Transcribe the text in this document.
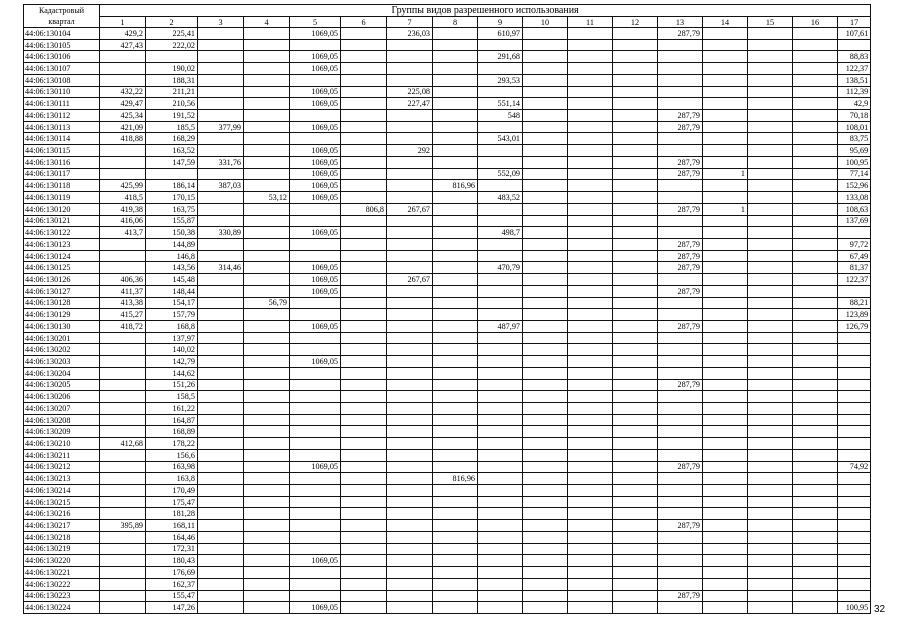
Кадастровый квартал	Группы видов разрешенного использования																
	1	2	3	4	5	6	7	8	9	10	11	12	13	14	15	16	17
44:06:130104	429,2	225,41			1069,05		236,03		610,97				287,79				107,61
44:06:130105	427,43	222,02															
44:06:130106					1069,05				291,68								88,83
44:06:130107		190,02			1069,05												122,37
44:06:130108		188,31							293,53								138,51
44:06:130110	432,22	211,21			1069,05		225,08										112,39
44:06:130111	429,47	210,56			1069,05		227,47		551,14								42,9
44:06:130112	425,34	191,52							548				287,79				70,18
44:06:130113	421,09	185,5	377,99		1069,05								287,79				108,01
44:06:130114	418,88	168,29							543,01								83,75
44:06:130115		163,52			1069,05		292										95,69
44:06:130116		147,59	331,76		1069,05								287,79				100,95
44:06:130117					1069,05				552,09				287,79	1			77,14
44:06:130118	425,99	186,14	387,03		1069,05			816,96									152,96
44:06:130119	418,5	170,15		53,12	1069,05				483,52								133,08
44:06:130120	419,38	163,75				806,8	267,67						287,79	1			108,63
44:06:130121	416,06	155,87															137,69
44:06:130122	413,7	150,38	330,89		1069,05				498,7								
44:06:130123		144,89											287,79				97,72
44:06:130124		146,8											287,79				67,49
44:06:130125		143,56	314,46		1069,05				470,79				287,79				81,37
44:06:130126	406,36	145,48			1069,05		267,67										122,37
44:06:130127	411,37	148,44			1069,05								287,79				
44:06:130128	413,38	154,17		56,79													88,21
44:06:130129	415,27	157,79															123,89
44:06:130130	418,72	168,8			1069,05				487,97				287,79				126,79
44:06:130201		137,97															
44:06:130202		140,02															
44:06:130203		142,79			1069,05												
44:06:130204		144,62															
44:06:130205		151,26											287,79				
44:06:130206		158,5															
44:06:130207		161,22															
44:06:130208		164,87															
44:06:130209		168,89															
44:06:130210	412,68	178,22															
44:06:130211		156,6															
44:06:130212		163,98			1069,05								287,79				74,92
44:06:130213		163,8						816,96									
44:06:130214		170,49															
44:06:130215		175,47															
44:06:130216		181,28															
44:06:130217	395,89	168,11											287,79				
44:06:130218		164,46															
44:06:130219		172,31															
44:06:130220		180,43			1069,05												
44:06:130221		176,69															
44:06:130222		162,37															
44:06:130223		155,47											287,79				
44:06:130224		147,26			1069,05												100,95 32
